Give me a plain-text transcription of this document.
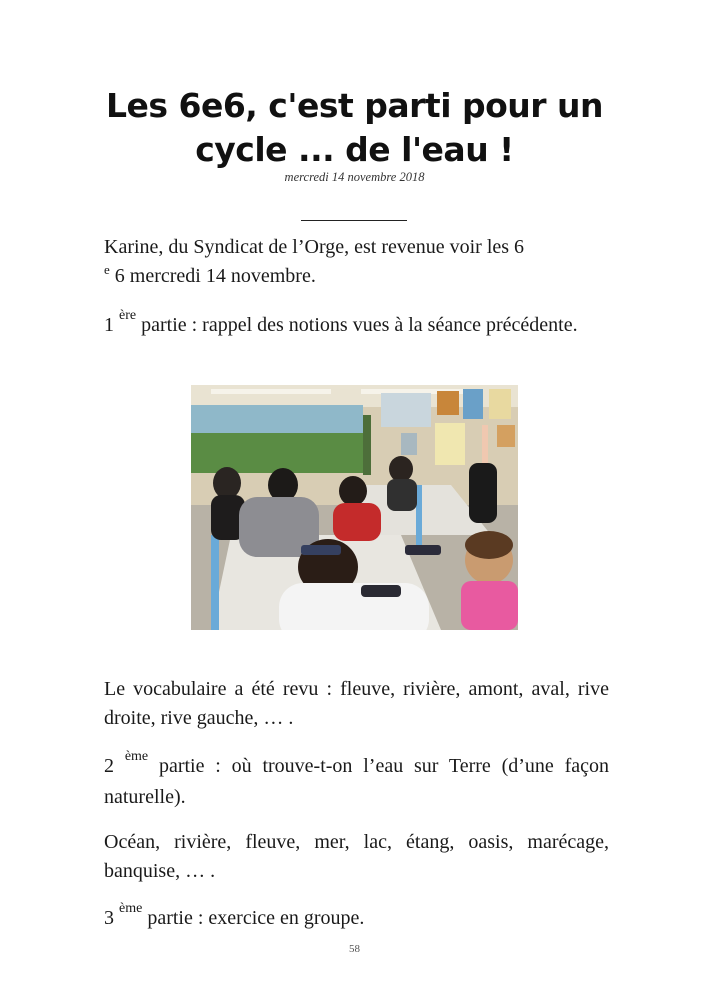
Les 6e6, c'est parti pour un
cycle ... de l'eau !
mercredi 14 novembre 2018
Karine, du Syndicat de l’Orge, est revenue voir les 6
$^e$ 6 mercredi 14 novembre.
1 $^{ère}$ partie : rappel des notions vues à la séance précédente.
Le vocabulaire a été revu : fleuve, rivière, amont, aval, rive droite, rive gauche, … .
2 $^{ème}$ partie : où trouve-t-on l’eau sur Terre (d’une façon naturelle).
Océan, rivière, fleuve, mer, lac, étang, oasis, marécage, banquise, … .
3 $^{ème}$ partie : exercice en groupe.
58
